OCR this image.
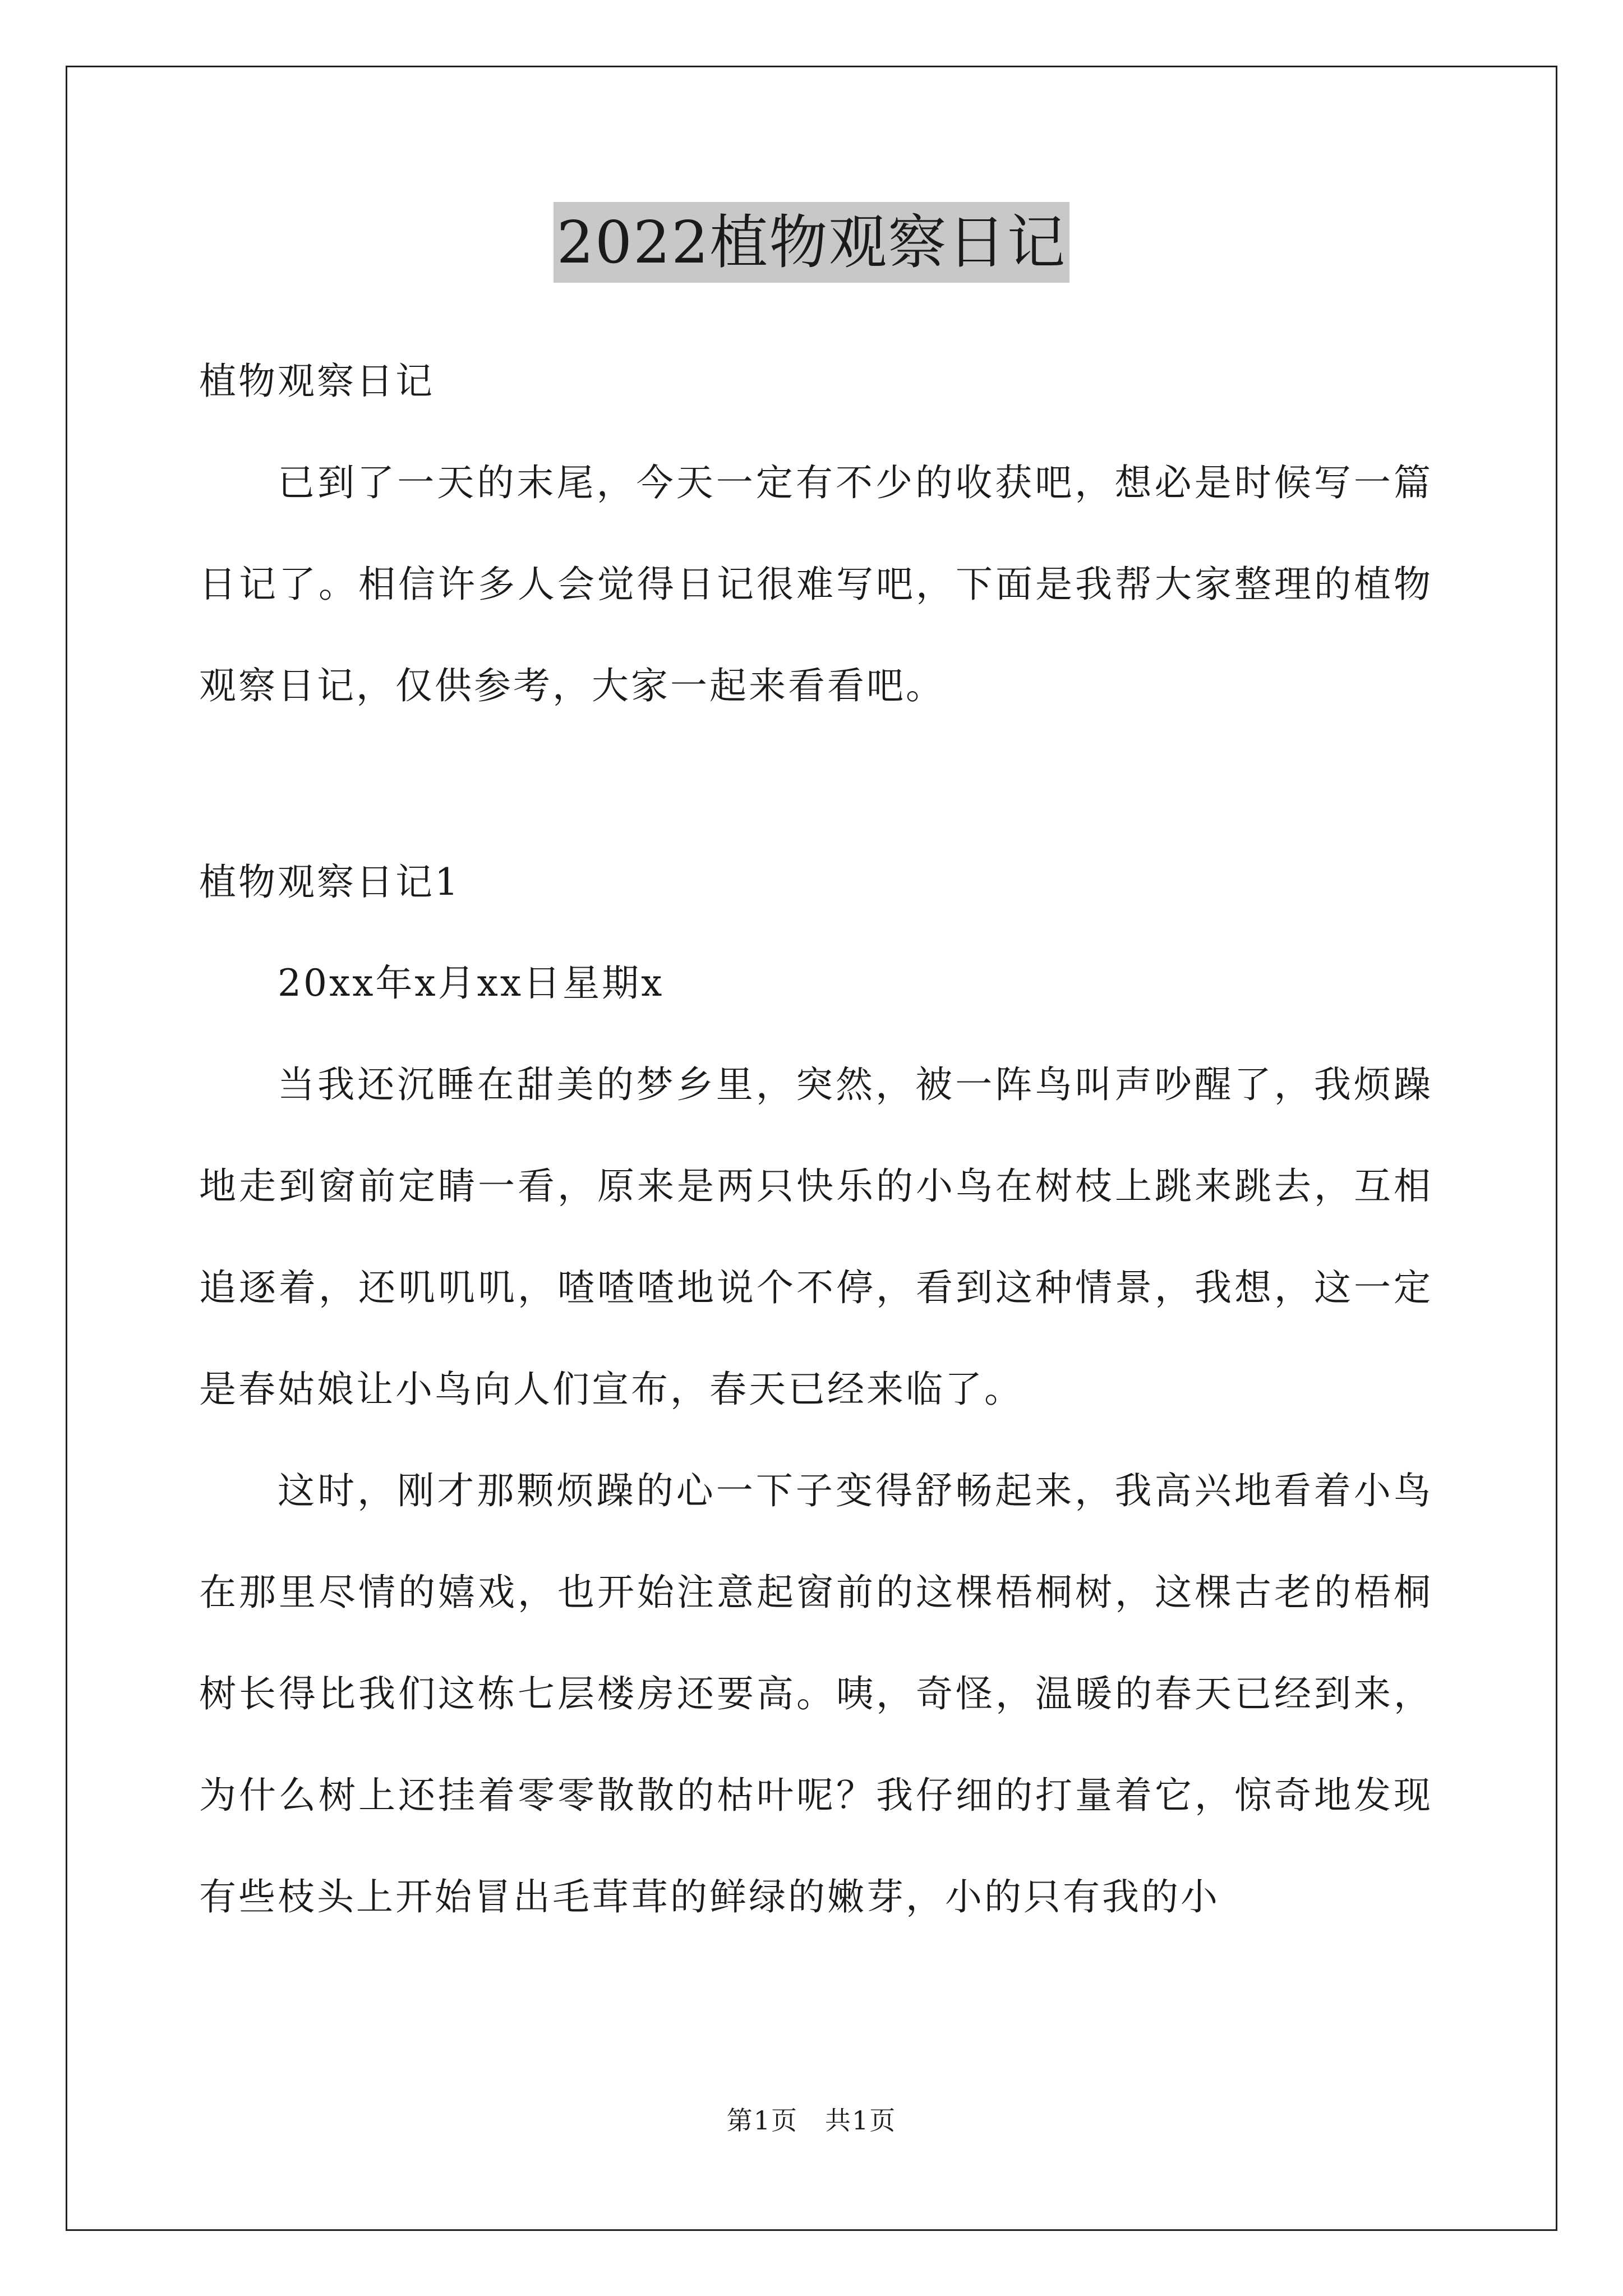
2022植物观察日记

植物观察日记

已到了一天的末尾，今天一定有不少的收获吧，想必是时候写一篇日记了。相信许多人会觉得日记很难写吧，下面是我帮大家整理的植物观察日记，仅供参考，大家一起来看看吧。

植物观察日记1

20xx年x月xx日星期x

当我还沉睡在甜美的梦乡里，突然，被一阵鸟叫声吵醒了，我烦躁地走到窗前定睛一看，原来是两只快乐的小鸟在树枝上跳来跳去，互相追逐着，还叽叽叽，喳喳喳地说个不停，看到这种情景，我想，这一定是春姑娘让小鸟向人们宣布，春天已经来临了。

这时，刚才那颗烦躁的心一下子变得舒畅起来，我高兴地看着小鸟在那里尽情的嬉戏，也开始注意起窗前的这棵梧桐树，这棵古老的梧桐树长得比我们这栋七层楼房还要高。咦，奇怪，温暖的春天已经到来，为什么树上还挂着零零散散的枯叶呢？我仔细的打量着它，惊奇地发现有些枝头上开始冒出毛茸茸的鲜绿的嫩芽，小的只有我的小

第1页　共1页
